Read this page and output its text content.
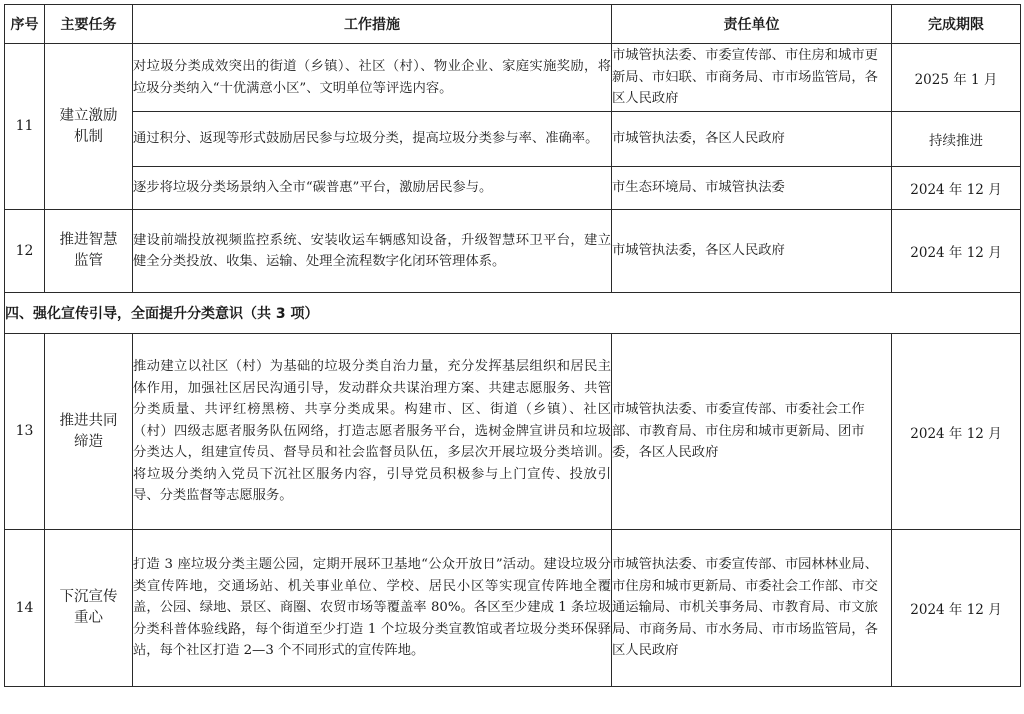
序号	主要任务	工作措施	责任单位	完成期限
11	建立激励机制	对垃圾分类成效突出的街道（乡镇）、社区（村）、物业企业、家庭实施奖励，将垃圾分类纳入“十优满意小区”、文明单位等评选内容。	市城管执法委、市委宣传部、市住房和城市更新局、市妇联、市商务局、市市场监管局，各区人民政府	2025 年 1 月
		通过积分、返现等形式鼓励居民参与垃圾分类，提高垃圾分类参与率、准确率。	市城管执法委，各区人民政府	持续推进
		逐步将垃圾分类场景纳入全市“碳普惠”平台，激励居民参与。	市生态环境局、市城管执法委	2024 年 12 月
12	推进智慧监管	建设前端投放视频监控系统、安装收运车辆感知设备，升级智慧环卫平台，建立健全分类投放、收集、运输、处理全流程数字化闭环管理体系。	市城管执法委，各区人民政府	2024 年 12 月
四、强化宣传引导，全面提升分类意识（共 3 项）				
13	推进共同缔造	推动建立以社区（村）为基础的垃圾分类自治力量，充分发挥基层组织和居民主体作用，加强社区居民沟通引导，发动群众共谋治理方案、共建志愿服务、共管分类质量、共评红榜黑榜、共享分类成果。构建市、区、街道（乡镇）、社区（村）四级志愿者服务队伍网络，打造志愿者服务平台，选树金牌宣讲员和垃圾分类达人，组建宣传员、督导员和社会监督员队伍，多层次开展垃圾分类培训。将垃圾分类纳入党员下沉社区服务内容，引导党员积极参与上门宣传、投放引导、分类监督等志愿服务。	市城管执法委、市委宣传部、市委社会工作部、市教育局、市住房和城市更新局、团市委，各区人民政府	2024 年 12 月
14	下沉宣传重心	打造 3 座垃圾分类主题公园，定期开展环卫基地“公众开放日”活动。建设垃圾分类宣传阵地，交通场站、机关事业单位、学校、居民小区等实现宣传阵地全覆盖，公园、绿地、景区、商圈、农贸市场等覆盖率 80%。各区至少建成 1 条垃圾分类科普体验线路，每个街道至少打造 1 个垃圾分类宣教馆或者垃圾分类环保驿站，每个社区打造 2—3 个不同形式的宣传阵地。	市城管执法委、市委宣传部、市园林林业局、市住房和城市更新局、市委社会工作部、市交通运输局、市机关事务局、市教育局、市文旅局、市商务局、市水务局、市市场监管局，各区人民政府	2024 年 12 月
